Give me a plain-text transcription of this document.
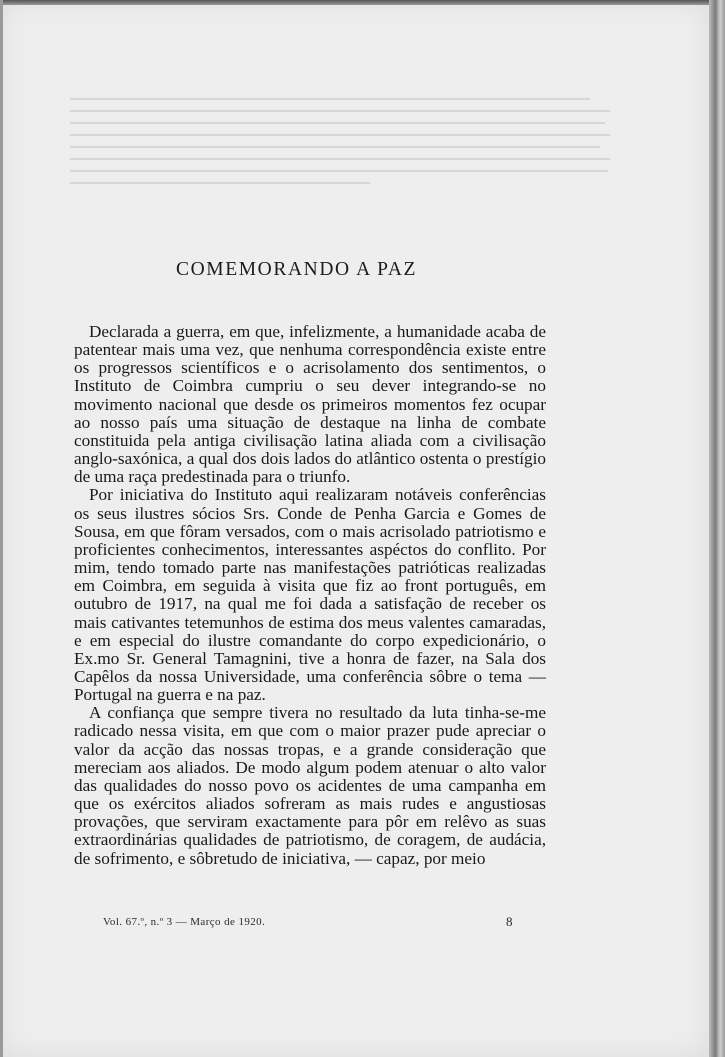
COMEMORANDO A PAZ

Declarada a guerra, em que, infelizmente, a humanidade acaba de patentear mais uma vez, que nenhuma correspondência existe entre os progressos scientíficos e o acrisolamento dos sentimentos, o Instituto de Coimbra cumpriu o seu dever integrando-se no movimento nacional que desde os primeiros momentos fez ocupar ao nosso país uma situação de destaque na linha de combate constituida pela antiga civilisação latina aliada com a civilisação anglo-saxónica, a qual dos dois lados do atlântico ostenta o prestígio de uma raça predestinada para o triunfo.

Por iniciativa do Instituto aqui realizaram notáveis conferências os seus ilustres sócios Srs. Conde de Penha Garcia e Gomes de Sousa, em que fôram versados, com o mais acrisolado patriotismo e proficientes conhecimentos, interessantes aspéctos do conflito. Por mim, tendo tomado parte nas manifestações patrióticas realizadas em Coimbra, em seguida à visita que fiz ao front português, em outubro de 1917, na qual me foi dada a satisfação de receber os mais cativantes tetemunhos de estima dos meus valentes camaradas, e em especial do ilustre comandante do corpo expedicionário, o Ex.mo Sr. General Tamagnini, tive a honra de fazer, na Sala dos Capêlos da nossa Universidade, uma conferência sôbre o tema — Portugal na guerra e na paz.

A confiança que sempre tivera no resultado da luta tinha-se-me radicado nessa visita, em que com o maior prazer pude apreciar o valor da acção das nossas tropas, e a grande consideração que mereciam aos aliados. De modo algum podem atenuar o alto valor das qualidades do nosso povo os acidentes de uma campanha em que os exércitos aliados sofreram as mais rudes e angustiosas provações, que serviram exactamente para pôr em relêvo as suas extraordinárias qualidades de patriotismo, de coragem, de audácia, de sofrimento, e sôbretudo de iniciativa, — capaz, por meio

Vol. 67.º, n.º 3 — Março de 1920.	8
